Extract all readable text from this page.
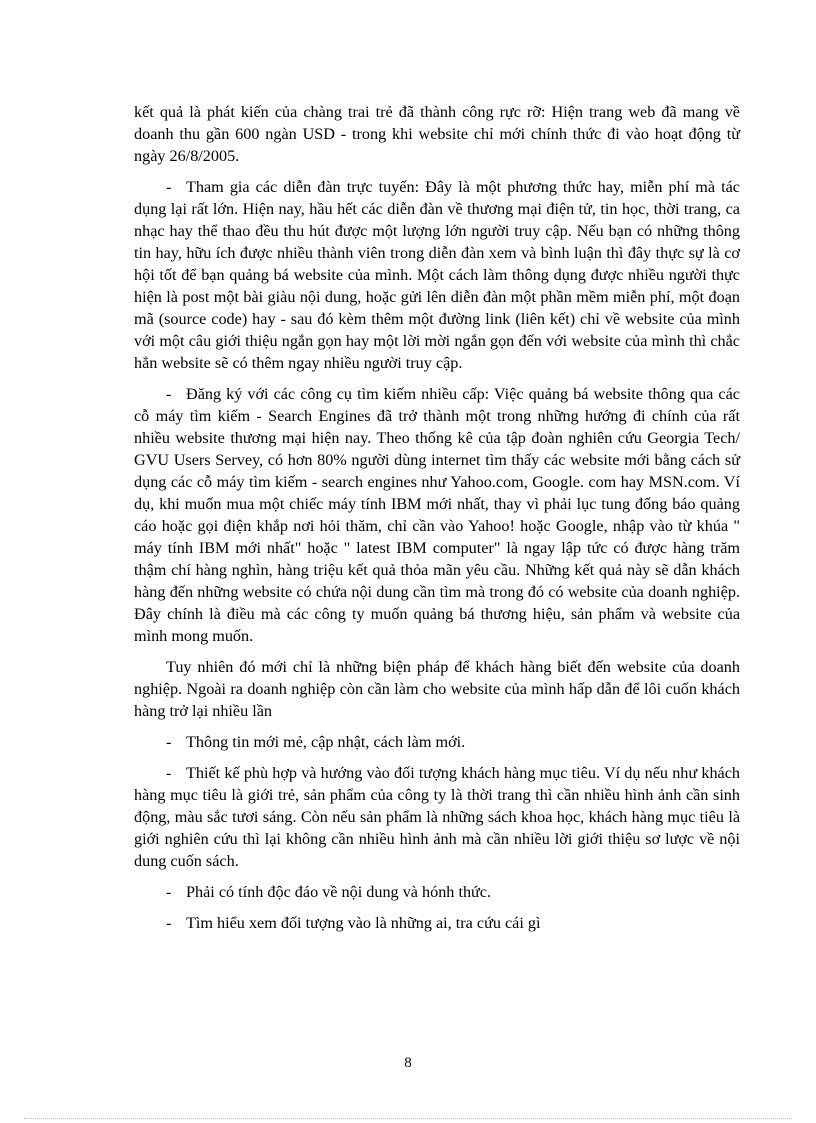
kết quả là phát kiến của chàng trai trẻ đã thành công rực rỡ: Hiện trang web đã mang về doanh thu gần 600 ngàn USD - trong khi website chỉ mới chính thức đi vào hoạt động từ ngày 26/8/2005.

- Tham gia các diễn đàn trực tuyến: Đây là một phương thức hay, miễn phí mà tác dụng lại rất lớn. Hiện nay, hầu hết các diễn đàn về thương mại điện tử, tin học, thời trang, ca nhạc hay thể thao đều thu hút được một lượng lớn người truy cập. Nếu bạn có những thông tin hay, hữu ích được nhiều thành viên trong diễn đàn xem và bình luận thì đây thực sự là cơ hội tốt để bạn quảng bá website của mình. Một cách làm thông dụng được nhiều người thực hiện là post một bài giàu nội dung, hoặc gửi lên diễn đàn một phần mềm miễn phí, một đoạn mã (source code) hay - sau đó kèm thêm một đường link (liên kết) chỉ về website của mình với một câu giới thiệu ngắn gọn hay một lời mời ngắn gọn đến với website của mình thì chắc hẳn website sẽ có thêm ngay nhiều người truy cập.

- Đăng ký với các công cụ tìm kiếm nhiều cấp: Việc quảng bá website thông qua các cỗ máy tìm kiếm - Search Engines đã trở thành một trong những hướng đi chính của rất nhiều website thương mại hiện nay. Theo thống kê của tập đoàn nghiên cứu Georgia Tech/ GVU Users Servey, có hơn 80% người dùng internet tìm thấy các website mới bằng cách sử dụng các cỗ máy tìm kiếm - search engines như Yahoo.com, Google. com hay MSN.com. Ví dụ, khi muốn mua một chiếc máy tính IBM mới nhất, thay vì phải lục tung đống báo quảng cáo hoặc gọi điện khắp nơi hỏi thăm, chỉ cần vào Yahoo! hoặc Google, nhập vào từ khúa " máy tính IBM mới nhất" hoặc " latest IBM computer" là ngay lập tức có được hàng trăm thậm chí hàng nghìn, hàng triệu kết quả thỏa mãn yêu cầu. Những kết quả này sẽ dẫn khách hàng đến những website có chứa nội dung cần tìm mà trong đó có website của doanh nghiệp. Đây chính là điều mà các công ty muốn quảng bá thương hiệu, sản phẩm và website của mình mong muốn.

Tuy nhiên đó mới chỉ là những biện pháp để khách hàng biết đến website của doanh nghiệp. Ngoài ra doanh nghiệp còn cần làm cho website của mình hấp dẫn để lôi cuốn khách hàng trở lại nhiều lần

- Thông tin mới mẻ, cập nhật, cách làm mới.

- Thiết kế phù hợp và hướng vào đối tượng khách hàng mục tiêu. Ví dụ nếu như khách hàng mục tiêu là giới trẻ, sản phẩm của công ty là thời trang thì cần nhiều hình ảnh cần sinh động, màu sắc tươi sáng. Còn nếu sản phẩm là những sách khoa học, khách hàng mục tiêu là giới nghiên cứu thì lại không cần nhiều hình ảnh mà cần nhiều lời giới thiệu sơ lược về nội dung cuốn sách.

- Phải có tính độc đáo về nội dung và hónh thức.

- Tìm hiểu xem đối tượng vào là những ai, tra cứu cái gì

8
